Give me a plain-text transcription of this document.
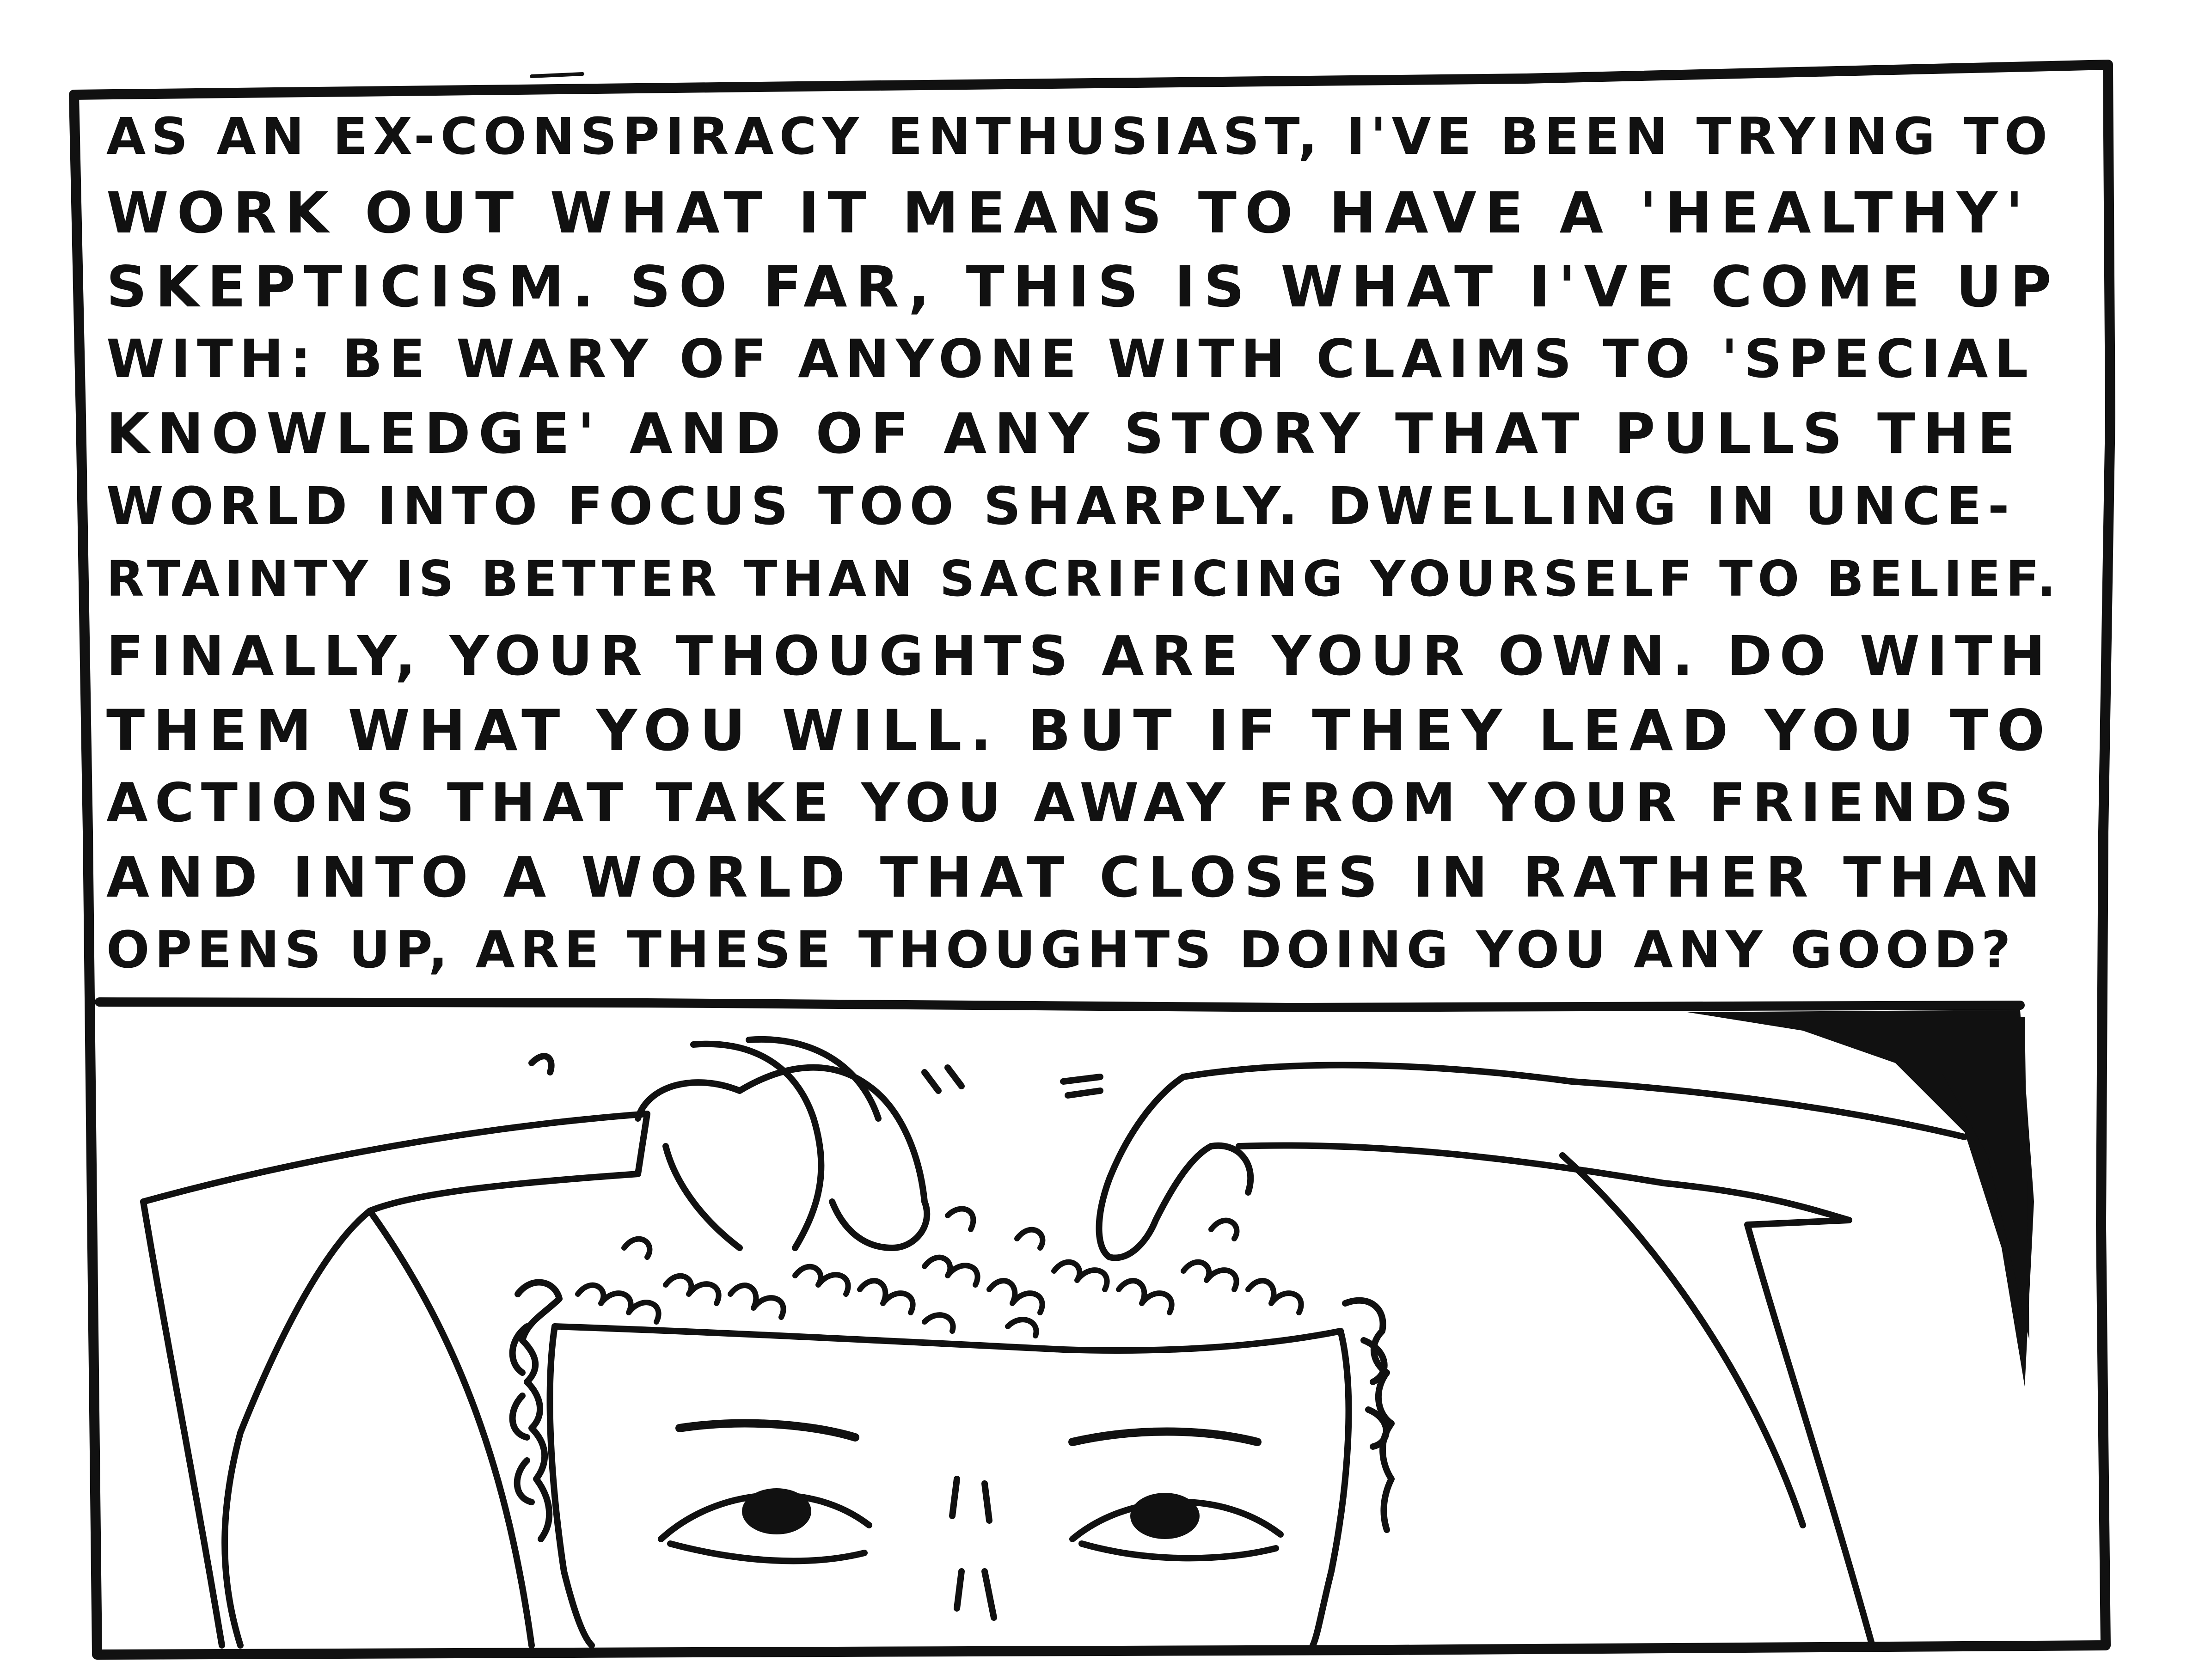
AS AN EX-CONSPIRACY ENTHUSIAST, I'VE BEEN TRYING TO
WORK OUT WHAT IT MEANS TO HAVE A 'HEALTHY'
SKEPTICISM. SO FAR, THIS IS WHAT I'VE COME UP
WITH: BE WARY OF ANYONE WITH CLAIMS TO 'SPECIAL
KNOWLEDGE' AND OF ANY STORY THAT PULLS THE
WORLD INTO FOCUS TOO SHARPLY. DWELLING IN UNCE-
RTAINTY IS BETTER THAN SACRIFICING YOURSELF TO BELIEF.
FINALLY, YOUR THOUGHTS ARE YOUR OWN. DO WITH
THEM WHAT YOU WILL. BUT IF THEY LEAD YOU TO
ACTIONS THAT TAKE YOU AWAY FROM YOUR FRIENDS
AND INTO A WORLD THAT CLOSES IN RATHER THAN
OPENS UP, ARE THESE THOUGHTS DOING YOU ANY GOOD?
